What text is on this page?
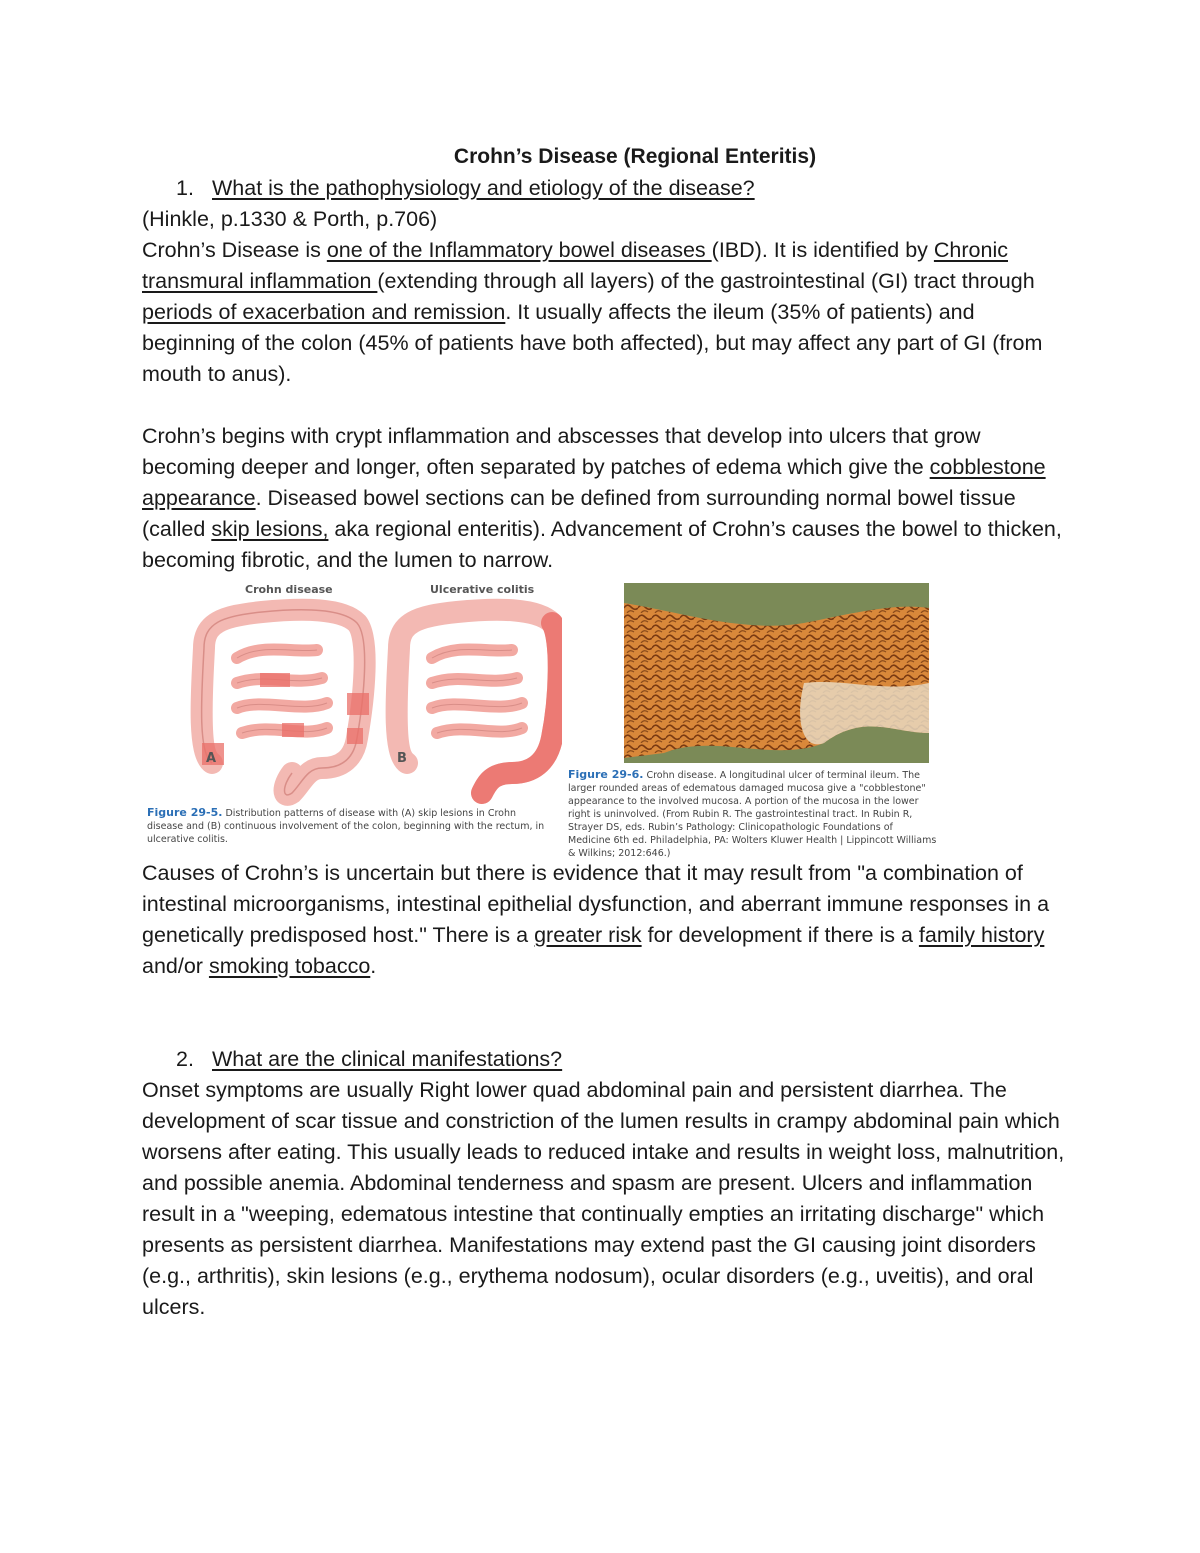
Crohn’s Disease (Regional Enteritis)
1. What is the pathophysiology and etiology of the disease?

(Hinkle, p.1330 & Porth, p.706)

Crohn’s Disease is one of the Inflammatory bowel diseases (IBD). It is identified by Chronic transmural inflammation (extending through all layers) of the gastrointestinal (GI) tract through periods of exacerbation and remission. It usually affects the ileum (35% of patients) and beginning of the colon (45% of patients have both affected), but may affect any part of GI (from mouth to anus).

Crohn’s begins with crypt inflammation and abscesses that develop into ulcers that grow becoming deeper and longer, often separated by patches of edema which give the cobblestone appearance. Diseased bowel sections can be defined from surrounding normal bowel tissue (called skip lesions, aka regional enteritis). Advancement of Crohn’s causes the bowel to thicken, becoming fibrotic, and the lumen to narrow.

Crohn disease	Ulcerative colitis
A	B
Figure 29-5. Distribution patterns of disease with (A) skip lesions in Crohn disease and (B) continuous involvement of the colon, beginning with the rectum, in ulcerative colitis.
Figure 29-6. Crohn disease. A longitudinal ulcer of terminal ileum. The larger rounded areas of edematous damaged mucosa give a "cobblestone" appearance to the involved mucosa. A portion of the mucosa in the lower right is uninvolved. (From Rubin R. The gastrointestinal tract. In Rubin R, Strayer DS, eds. Rubin’s Pathology: Clinicopathologic Foundations of Medicine 6th ed. Philadelphia, PA: Wolters Kluwer Health | Lippincott Williams & Wilkins; 2012:646.)

Causes of Crohn’s is uncertain but there is evidence that it may result from "a combination of intestinal microorganisms, intestinal epithelial dysfunction, and aberrant immune responses in a genetically predisposed host." There is a greater risk for development if there is a family history and/or smoking tobacco.

2. What are the clinical manifestations?

Onset symptoms are usually Right lower quad abdominal pain and persistent diarrhea. The development of scar tissue and constriction of the lumen results in crampy abdominal pain which worsens after eating. This usually leads to reduced intake and results in weight loss, malnutrition, and possible anemia. Abdominal tenderness and spasm are present. Ulcers and inflammation result in a "weeping, edematous intestine that continually empties an irritating discharge" which presents as persistent diarrhea. Manifestations may extend past the GI causing joint disorders (e.g., arthritis), skin lesions (e.g., erythema nodosum), ocular disorders (e.g., uveitis), and oral ulcers.
